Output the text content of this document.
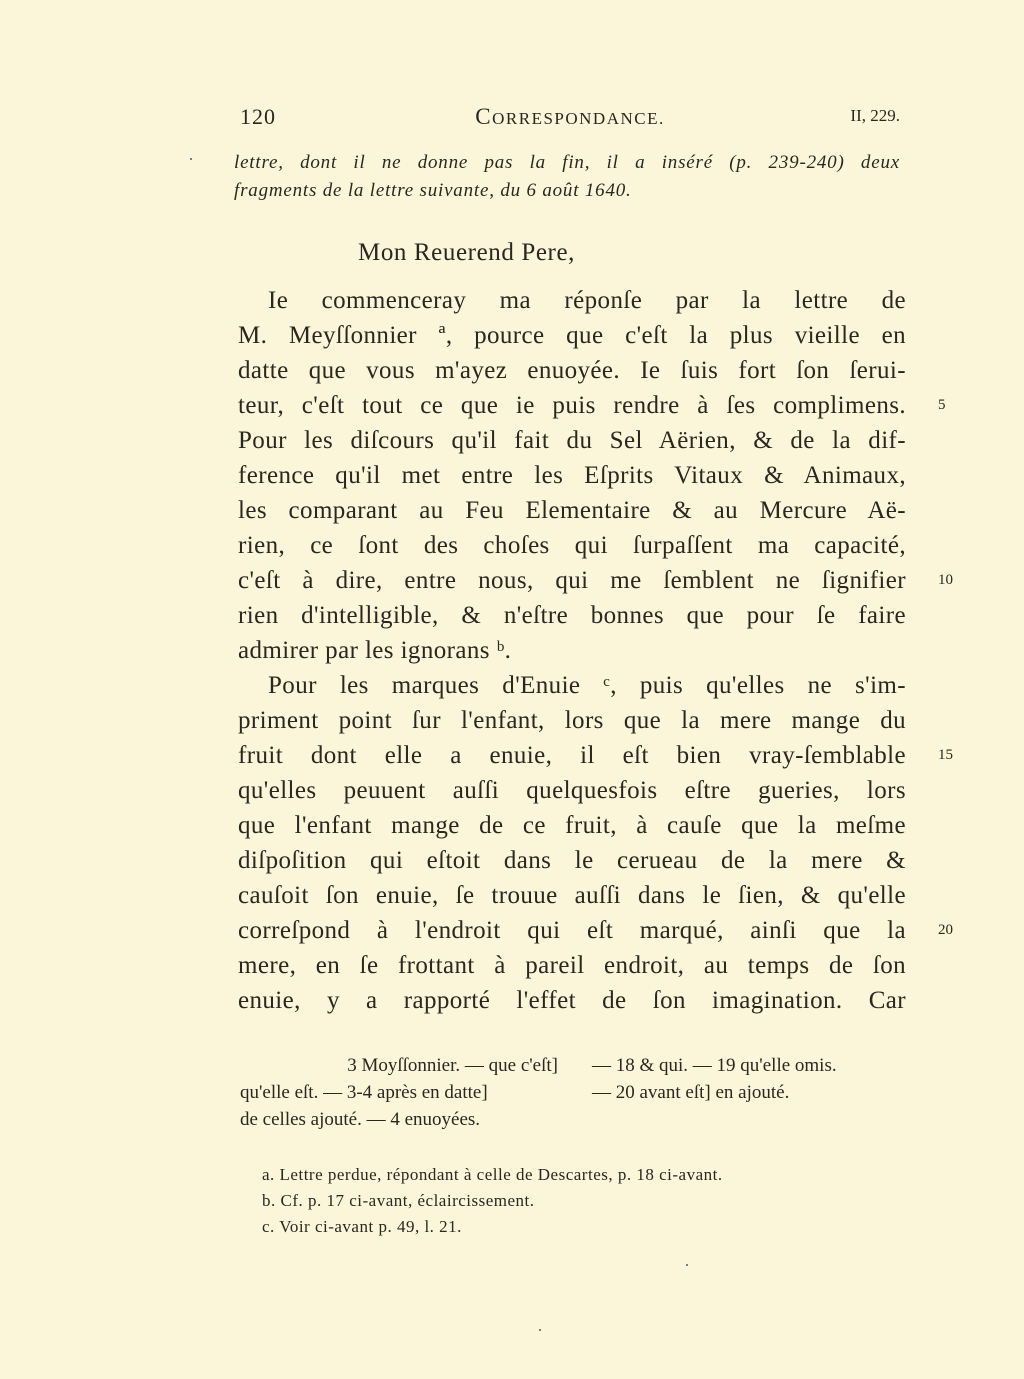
120	CORRESPONDANCE.	II, 229.
lettre, dont il ne donne pas la fin, il a inséré (p. 239-240) deux
fragments de la lettre suivante, du 6 août 1640.
Mon Reuerend Pere,
Ie commenceray ma réponſe par la lettre de
M. Meyſſonnier ª, pource que c'eſt la plus vieille en
datte que vous m'ayez enuoyée. Ie ſuis fort ſon ſerui-
teur, c'eſt tout ce que ie puis rendre à ſes complimens.
Pour les diſcours qu'il fait du Sel Aërien, & de la dif-
ference qu'il met entre les Eſprits Vitaux & Animaux,
les comparant au Feu Elementaire & au Mercure Aë-
rien, ce ſont des choſes qui ſurpaſſent ma capacité,
c'eſt à dire, entre nous, qui me ſemblent ne ſignifier
rien d'intelligible, & n'eſtre bonnes que pour ſe faire
admirer par les ignorans ᵇ.
Pour les marques d'Enuie ᶜ, puis qu'elles ne s'im-
priment point ſur l'enfant, lors que la mere mange du
fruit dont elle a enuie, il eſt bien vray-ſemblable
qu'elles peuuent auſſi quelquesfois eſtre gueries, lors
que l'enfant mange de ce fruit, à cauſe que la meſme
diſpoſition qui eſtoit dans le cerueau de la mere &
cauſoit ſon enuie, ſe trouue auſſi dans le ſien, & qu'elle
correſpond à l'endroit qui eſt marqué, ainſi que la
mere, en ſe frottant à pareil endroit, au temps de ſon
enuie, y a rapporté l'effet de ſon imagination. Car
5
10
15
20
3 Moyſſonnier. — que c'eſt]
qu'elle eſt. — 3-4 après en datte]
de celles ajouté. — 4 enuoyées.
— 18 & qui. — 19 qu'elle omis.
— 20 avant eſt] en ajouté.
a. Lettre perdue, répondant à celle de Descartes, p. 18 ci-avant.
b. Cf. p. 17 ci-avant, éclaircissement.
c. Voir ci-avant p. 49, l. 21.
